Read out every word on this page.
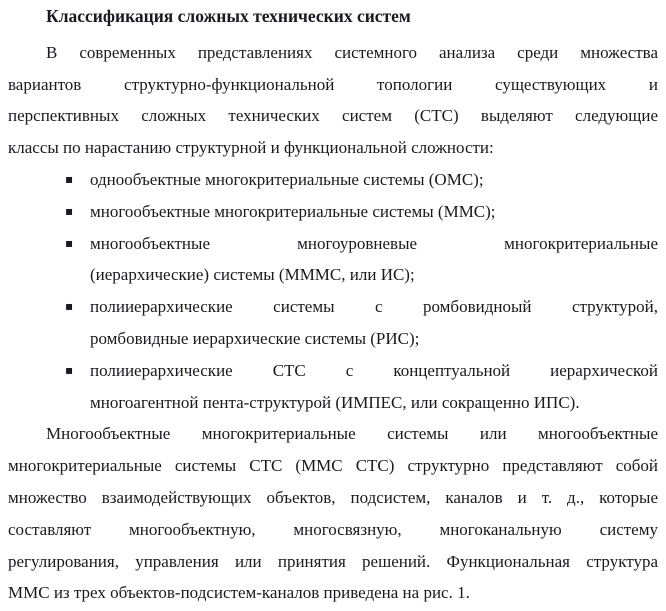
Классификация сложных технических систем
В современных представлениях системного анализа среди множества
вариантов структурно-функциональной топологии существующих и
перспективных сложных технических систем (СТС) выделяют следующие
классы по нарастанию структурной и функциональной сложности:
▪ однообъектные многокритериальные системы (ОМС);
▪ многообъектные многокритериальные системы (ММС);
▪ многообъектные многоуровневые многокритериальные
(иерархические) системы (МММС, или ИС);
▪ полииерархические системы с ромбовидноый структурой,
ромбовидные иерархические системы (РИС);
▪ полииерархические СТС с концептуальной иерархической
многоагентной пента-структурой (ИМПЕС, или сокращенно ИПС).
Многообъектные многокритериальные системы или многообъектные
многокритериальные системы СТС (ММС СТС) структурно представляют собой
множество взаимодействующих объектов, подсистем, каналов и т. д., которые
составляют многообъектную, многосвязную, многоканальную систему
регулирования, управления или принятия решений. Функциональная структура
ММС из трех объектов-подсистем-каналов приведена на рис. 1.
